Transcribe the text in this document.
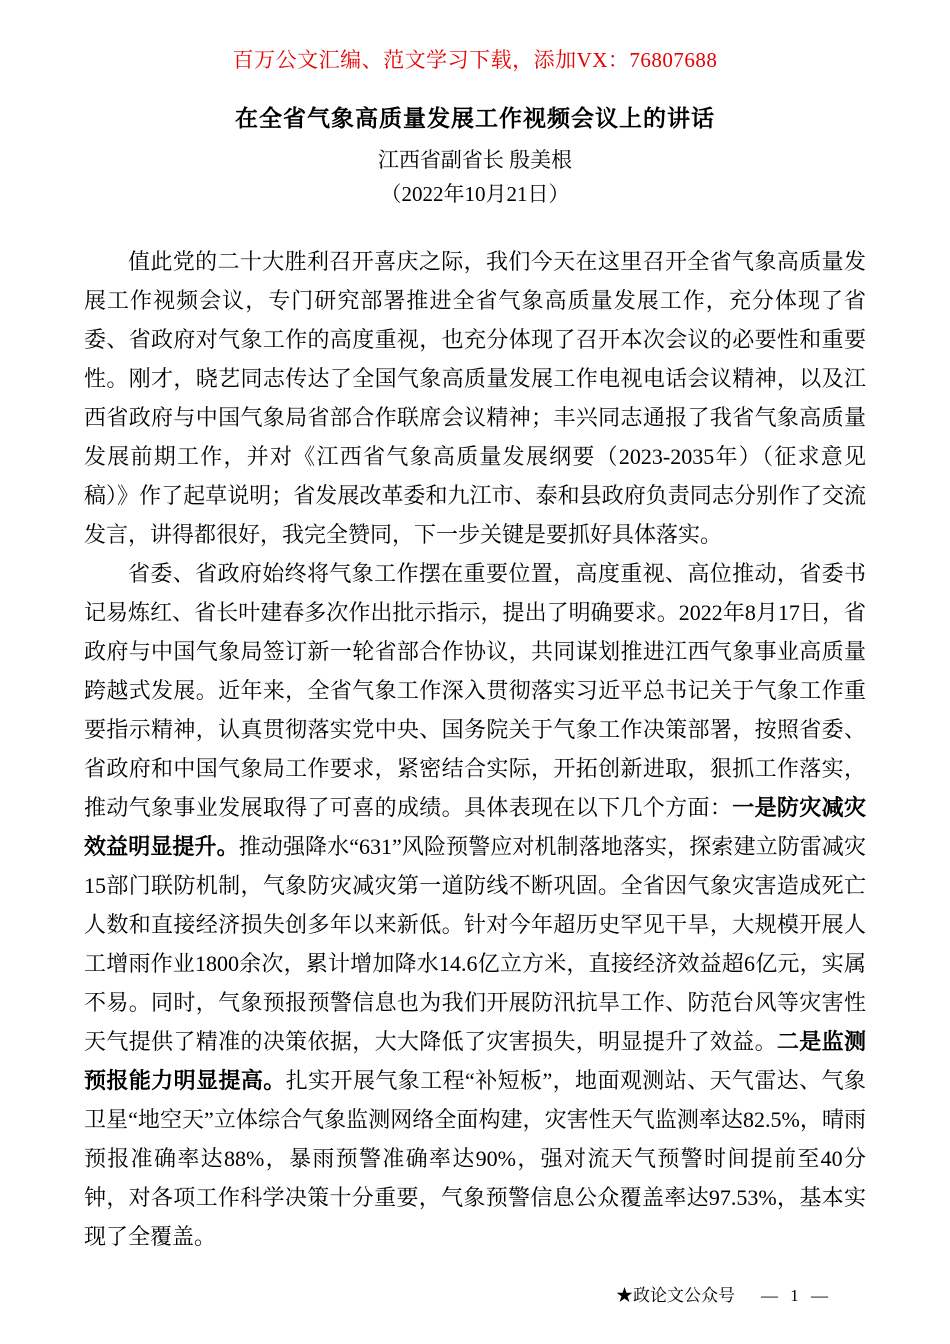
百万公文汇编、范文学习下载，添加VX：76807688
在全省气象高质量发展工作视频会议上的讲话
江西省副省长 殷美根
（2022年10月21日）

值此党的二十大胜利召开喜庆之际，我们今天在这里召开全省气象高质量发展工作视频会议，专门研究部署推进全省气象高质量发展工作，充分体现了省委、省政府对气象工作的高度重视，也充分体现了召开本次会议的必要性和重要性。刚才，晓艺同志传达了全国气象高质量发展工作电视电话会议精神，以及江西省政府与中国气象局省部合作联席会议精神；丰兴同志通报了我省气象高质量发展前期工作，并对《江西省气象高质量发展纲要（2023-2035年）（征求意见稿）》作了起草说明；省发展改革委和九江市、泰和县政府负责同志分别作了交流发言，讲得都很好，我完全赞同，下一步关键是要抓好具体落实。

省委、省政府始终将气象工作摆在重要位置，高度重视、高位推动，省委书记易炼红、省长叶建春多次作出批示指示，提出了明确要求。2022年8月17日，省政府与中国气象局签订新一轮省部合作协议，共同谋划推进江西气象事业高质量跨越式发展。近年来，全省气象工作深入贯彻落实习近平总书记关于气象工作重要指示精神，认真贯彻落实党中央、国务院关于气象工作决策部署，按照省委、省政府和中国气象局工作要求，紧密结合实际，开拓创新进取，狠抓工作落实，推动气象事业发展取得了可喜的成绩。具体表现在以下几个方面：一是防灾减灾效益明显提升。推动强降水“631”风险预警应对机制落地落实，探索建立防雷减灾15部门联防机制，气象防灾减灾第一道防线不断巩固。全省因气象灾害造成死亡人数和直接经济损失创多年以来新低。针对今年超历史罕见干旱，大规模开展人工增雨作业1800余次，累计增加降水14.6亿立方米，直接经济效益超6亿元，实属不易。同时，气象预报预警信息也为我们开展防汛抗旱工作、防范台风等灾害性天气提供了精准的决策依据，大大降低了灾害损失，明显提升了效益。二是监测预报能力明显提高。扎实开展气象工程“补短板”，地面观测站、天气雷达、气象卫星“地空天”立体综合气象监测网络全面构建，灾害性天气监测率达82.5%，晴雨预报准确率达88%，暴雨预警准确率达90%，强对流天气预警时间提前至40分钟，对各项工作科学决策十分重要，气象预警信息公众覆盖率达97.53%，基本实现了全覆盖。

★政论文公众号 — 1 —
